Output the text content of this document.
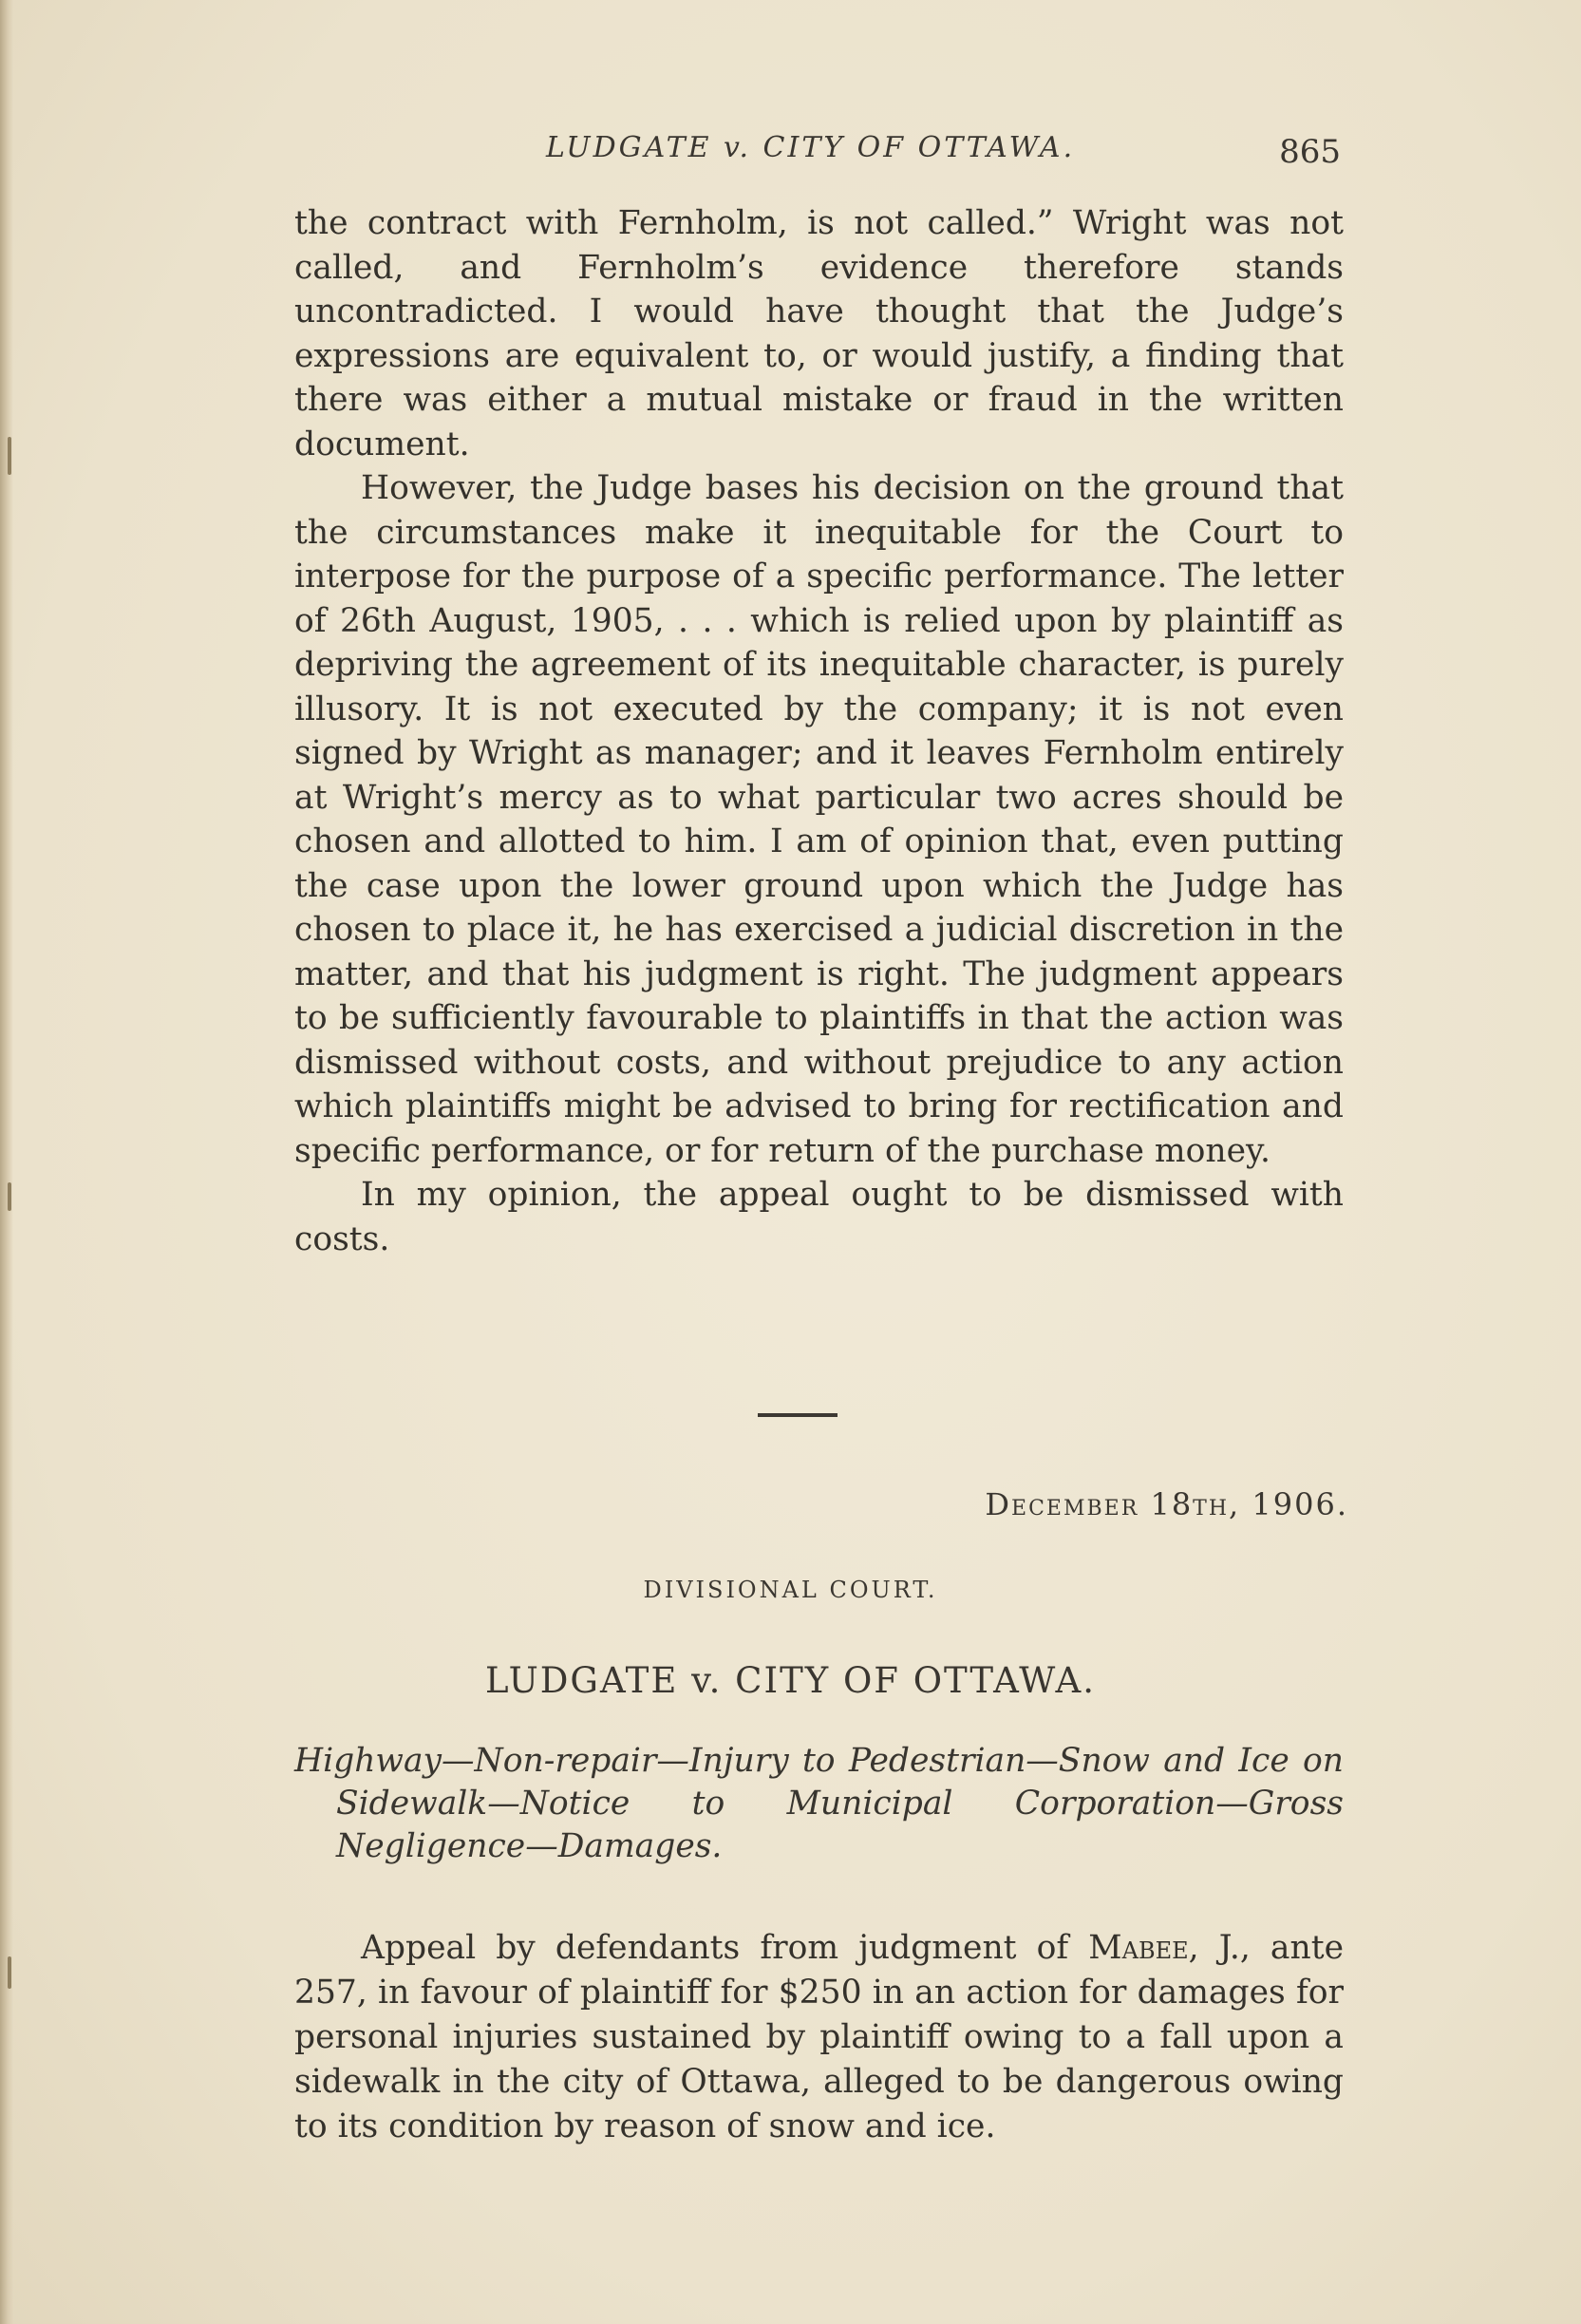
LUDGATE v. CITY OF OTTAWA.	865

the contract with Fernholm, is not called.” Wright was not called, and Fernholm’s evidence therefore stands uncontradicted. I would have thought that the Judge’s expressions are equivalent to, or would justify, a finding that there was either a mutual mistake or fraud in the written document.

However, the Judge bases his decision on the ground that the circumstances make it inequitable for the Court to interpose for the purpose of a specific performance. The letter of 26th August, 1905, . . . which is relied upon by plaintiff as depriving the agreement of its inequitable character, is purely illusory. It is not executed by the company; it is not even signed by Wright as manager; and it leaves Fernholm entirely at Wright’s mercy as to what particular two acres should be chosen and allotted to him. I am of opinion that, even putting the case upon the lower ground upon which the Judge has chosen to place it, he has exercised a judicial discretion in the matter, and that his judgment is right. The judgment appears to be sufficiently favourable to plaintiffs in that the action was dismissed without costs, and without prejudice to any action which plaintiffs might be advised to bring for rectification and specific performance, or for return of the purchase money.

In my opinion, the appeal ought to be dismissed with costs.

December 18th, 1906.
DIVISIONAL COURT.
LUDGATE v. CITY OF OTTAWA.
Highway—Non-repair—Injury to Pedestrian—Snow and Ice on Sidewalk—Notice to Municipal Corporation—Gross Negligence—Damages.
Appeal by defendants from judgment of Mabee, J., ante 257, in favour of plaintiff for $250 in an action for damages for personal injuries sustained by plaintiff owing to a fall upon a sidewalk in the city of Ottawa, alleged to be dangerous owing to its condition by reason of snow and ice.
